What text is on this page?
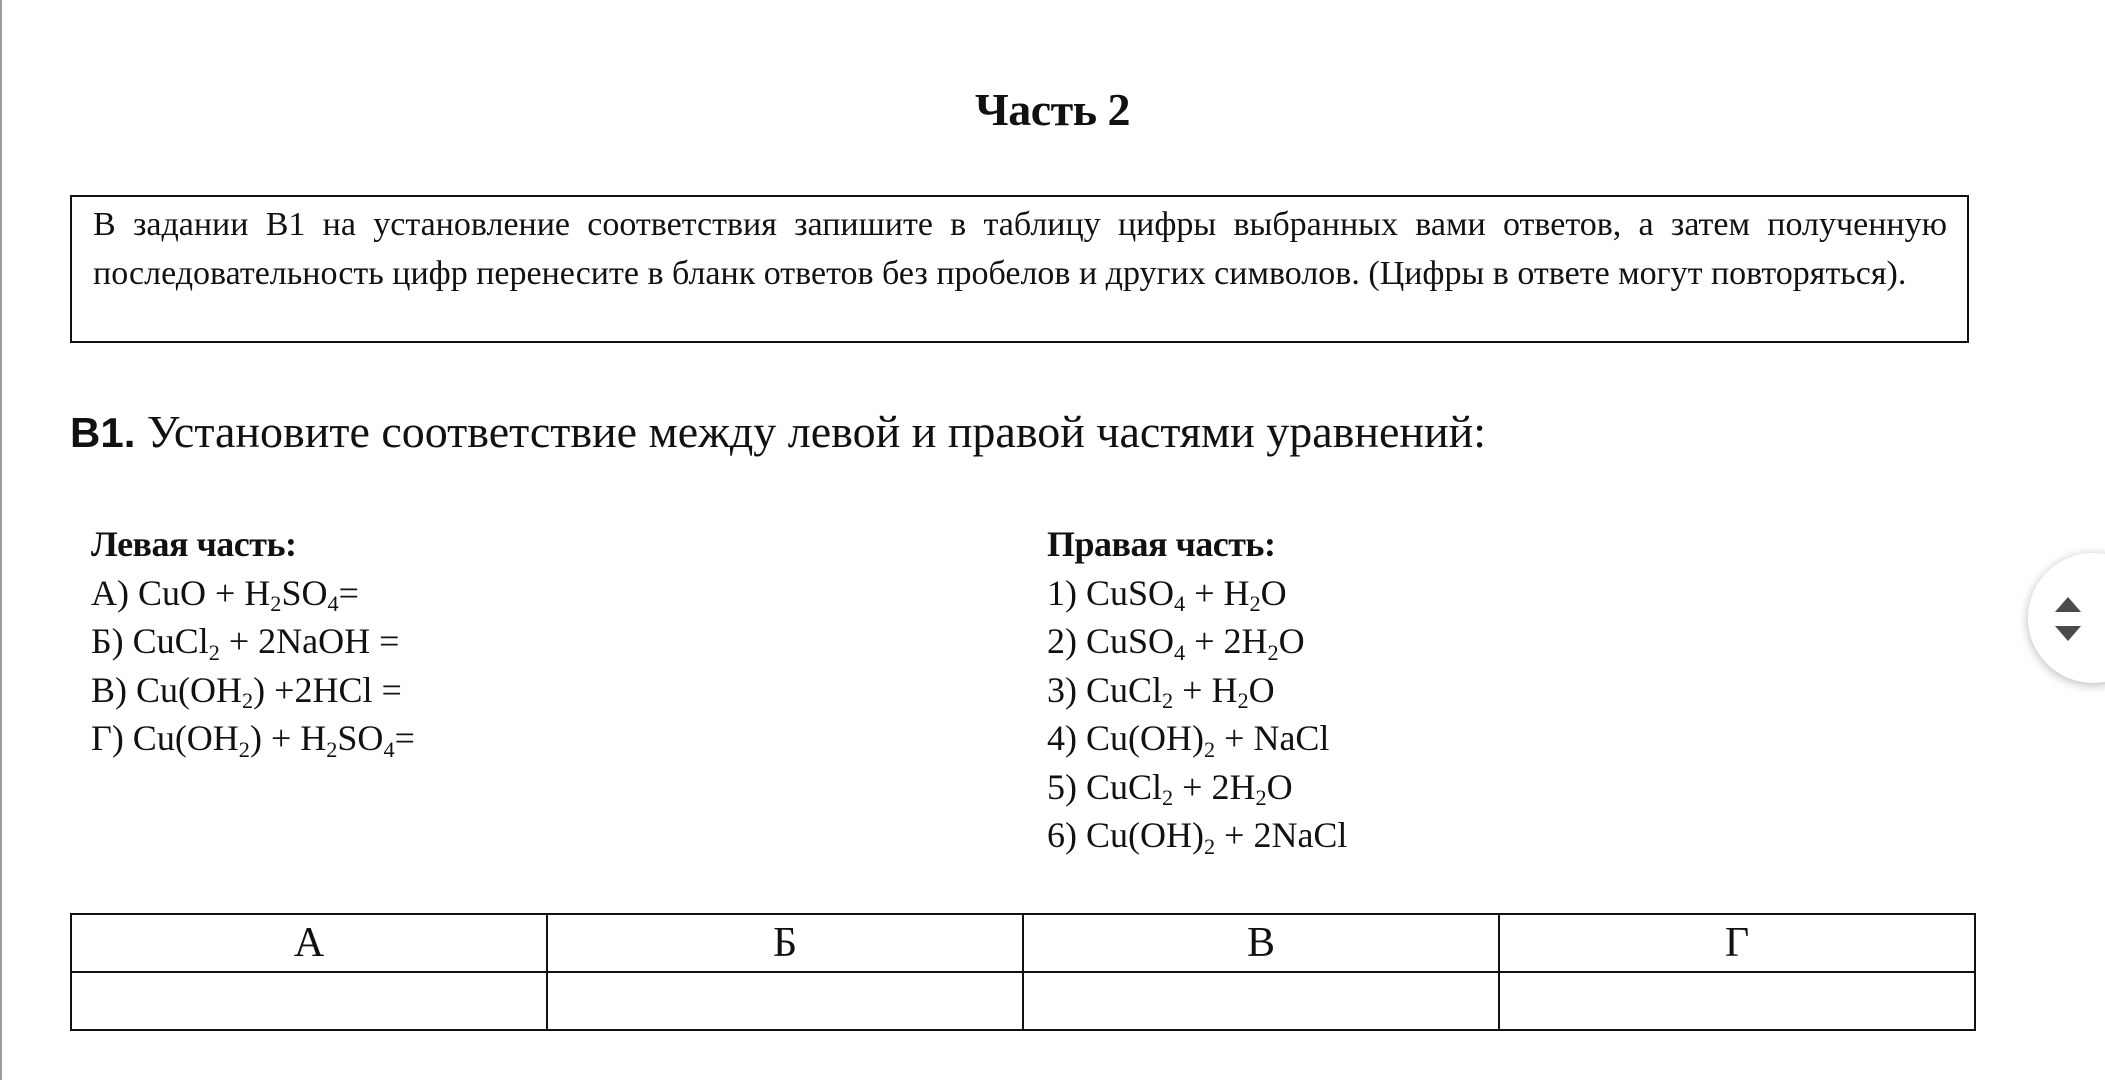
Часть 2
В задании В1 на установление соответствия запишите в таблицу цифры выбранных вами ответов, а затем полученную последовательность цифр перенесите в бланк ответов без пробелов и других символов. (Цифры в ответе могут повторяться).
В1. Установите соответствие между левой и правой частями уравнений:
Левая часть:
А) CuO + $H_2SO_4=$
Б) CuCl$_2$ + 2NaOH =
В) $Cu(OH_2) +2HCl$ =
Г) $Cu(OH_2) + H_2SO_4=$
Правая часть:
1) CuSO$_4$ + $H_2O$
2) CuSO$_4$ + $2H_2O$
3) CuCl$_2$ + $H_2O$
4) $Cu(OH)_2$ + NaCl
5) CuCl$_2$ + $2H_2O$
6) $Cu(OH)_2$ + 2NaCl
А	Б	В	Г
